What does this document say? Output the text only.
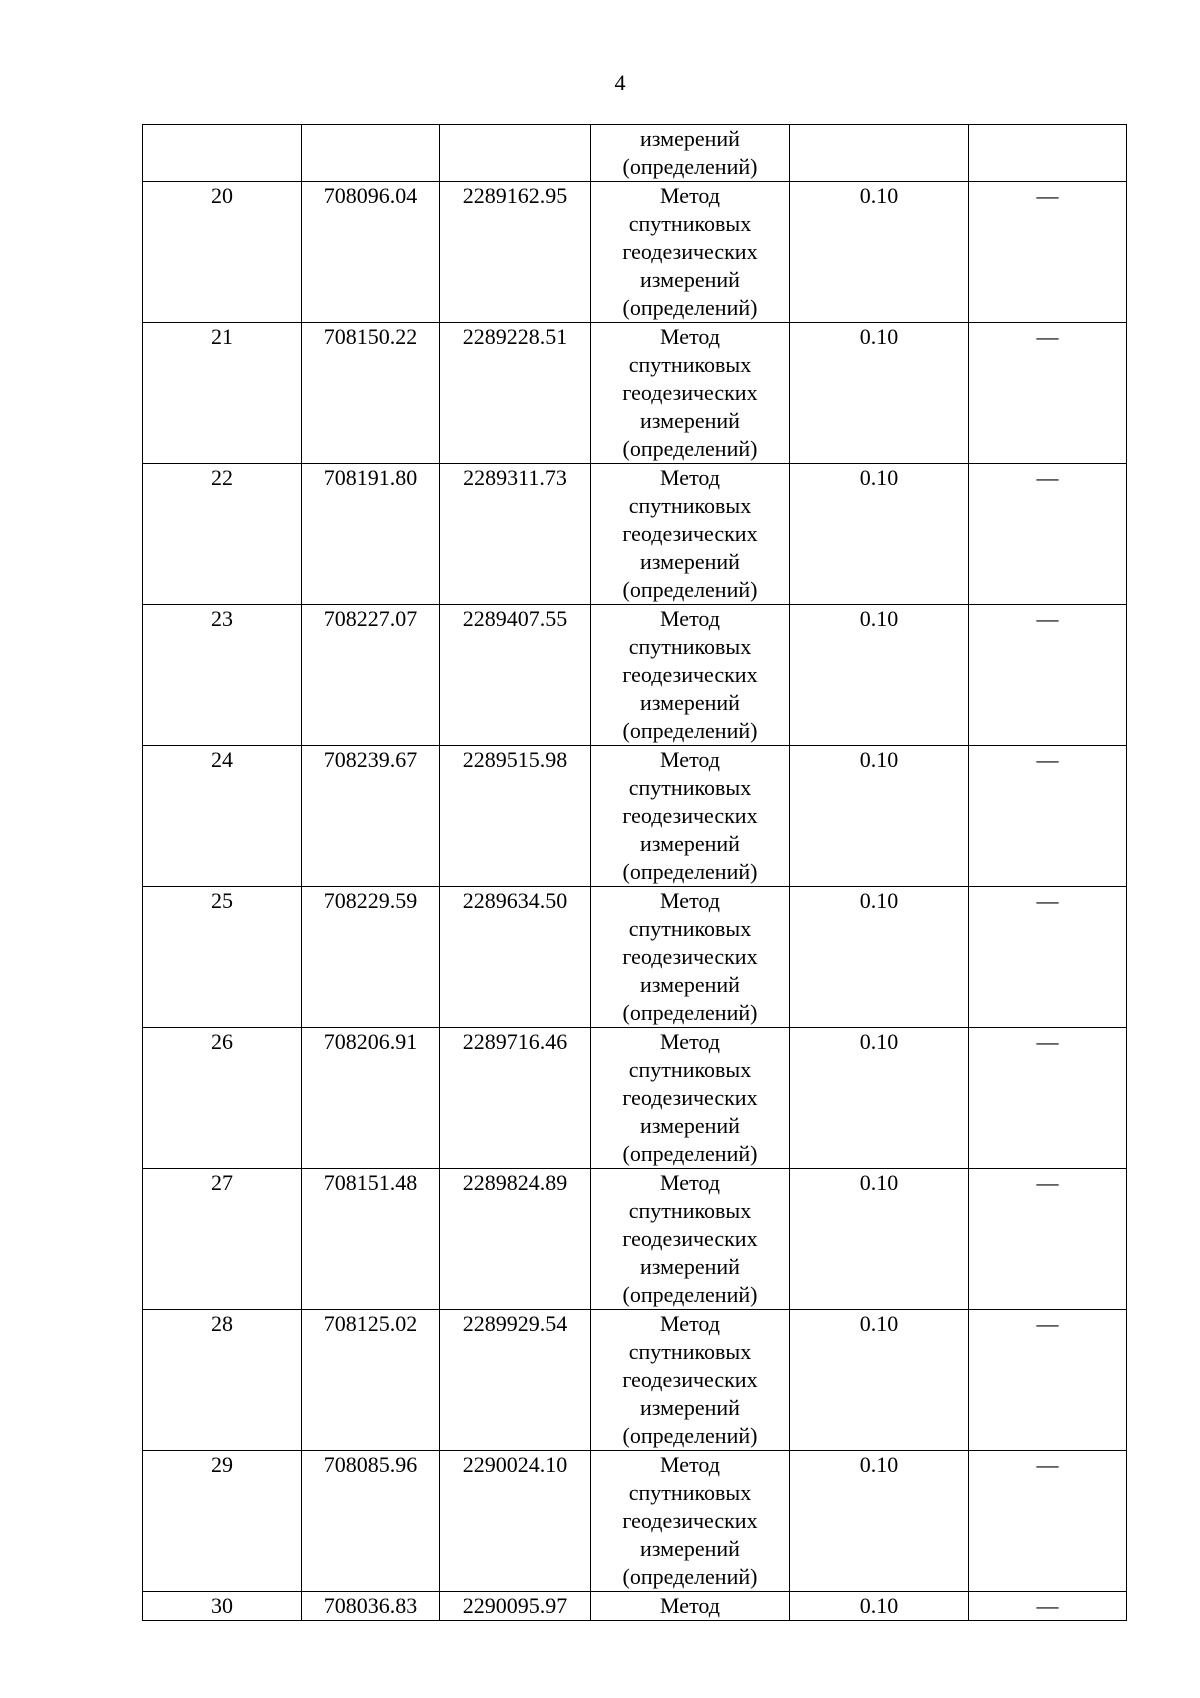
4

			измерений
(определений)		

20	708096.04	2289162.95	Метод
спутниковых
геодезических
измерений
(определений)	0.10	—
21	708150.22	2289228.51	Метод
спутниковых
геодезических
измерений
(определений)	0.10	—
22	708191.80	2289311.73	Метод
спутниковых
геодезических
измерений
(определений)	0.10	—
23	708227.07	2289407.55	Метод
спутниковых
геодезических
измерений
(определений)	0.10	—
24	708239.67	2289515.98	Метод
спутниковых
геодезических
измерений
(определений)	0.10	—
25	708229.59	2289634.50	Метод
спутниковых
геодезических
измерений
(определений)	0.10	—
26	708206.91	2289716.46	Метод
спутниковых
геодезических
измерений
(определений)	0.10	—
27	708151.48	2289824.89	Метод
спутниковых
геодезических
измерений
(определений)	0.10	—
28	708125.02	2289929.54	Метод
спутниковых
геодезических
измерений
(определений)	0.10	—
29	708085.96	2290024.10	Метод
спутниковых
геодезических
измерений
(определений)	0.10	—
30	708036.83	2290095.97	Метод	0.10	—
